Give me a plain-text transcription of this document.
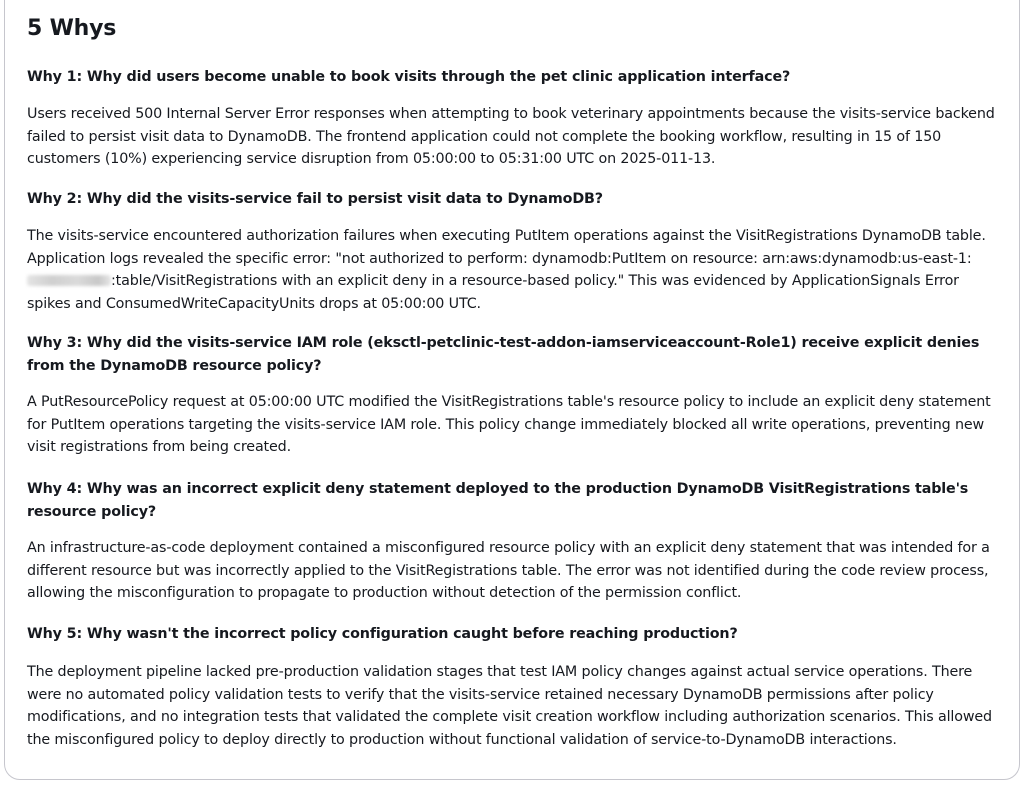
5 Whys

Why 1: Why did users become unable to book visits through the pet clinic application interface?

Users received 500 Internal Server Error responses when attempting to book veterinary appointments because the visits-service backend failed to persist visit data to DynamoDB. The frontend application could not complete the booking workflow, resulting in 15 of 150 customers (10%) experiencing service disruption from 05:00:00 to 05:31:00 UTC on 2025-011-13.

Why 2: Why did the visits-service fail to persist visit data to DynamoDB?

The visits-service encountered authorization failures when executing PutItem operations against the VisitRegistrations DynamoDB table. Application logs revealed the specific error: "not authorized to perform: dynamodb:PutItem on resource: arn:aws:dynamodb:us-east-1::table/VisitRegistrations with an explicit deny in a resource-based policy." This was evidenced by ApplicationSignals Error spikes and ConsumedWriteCapacityUnits drops at 05:00:00 UTC.

Why 3: Why did the visits-service IAM role (eksctl-petclinic-test-addon-iamserviceaccount-Role1) receive explicit denies from the DynamoDB resource policy?

A PutResourcePolicy request at 05:00:00 UTC modified the VisitRegistrations table's resource policy to include an explicit deny statement for PutItem operations targeting the visits-service IAM role. This policy change immediately blocked all write operations, preventing new visit registrations from being created.

Why 4: Why was an incorrect explicit deny statement deployed to the production DynamoDB VisitRegistrations table's resource policy?

An infrastructure-as-code deployment contained a misconfigured resource policy with an explicit deny statement that was intended for a different resource but was incorrectly applied to the VisitRegistrations table. The error was not identified during the code review process, allowing the misconfiguration to propagate to production without detection of the permission conflict.

Why 5: Why wasn't the incorrect policy configuration caught before reaching production?

The deployment pipeline lacked pre-production validation stages that test IAM policy changes against actual service operations. There were no automated policy validation tests to verify that the visits-service retained necessary DynamoDB permissions after policy modifications, and no integration tests that validated the complete visit creation workflow including authorization scenarios. This allowed the misconfigured policy to deploy directly to production without functional validation of service-to-DynamoDB interactions.
